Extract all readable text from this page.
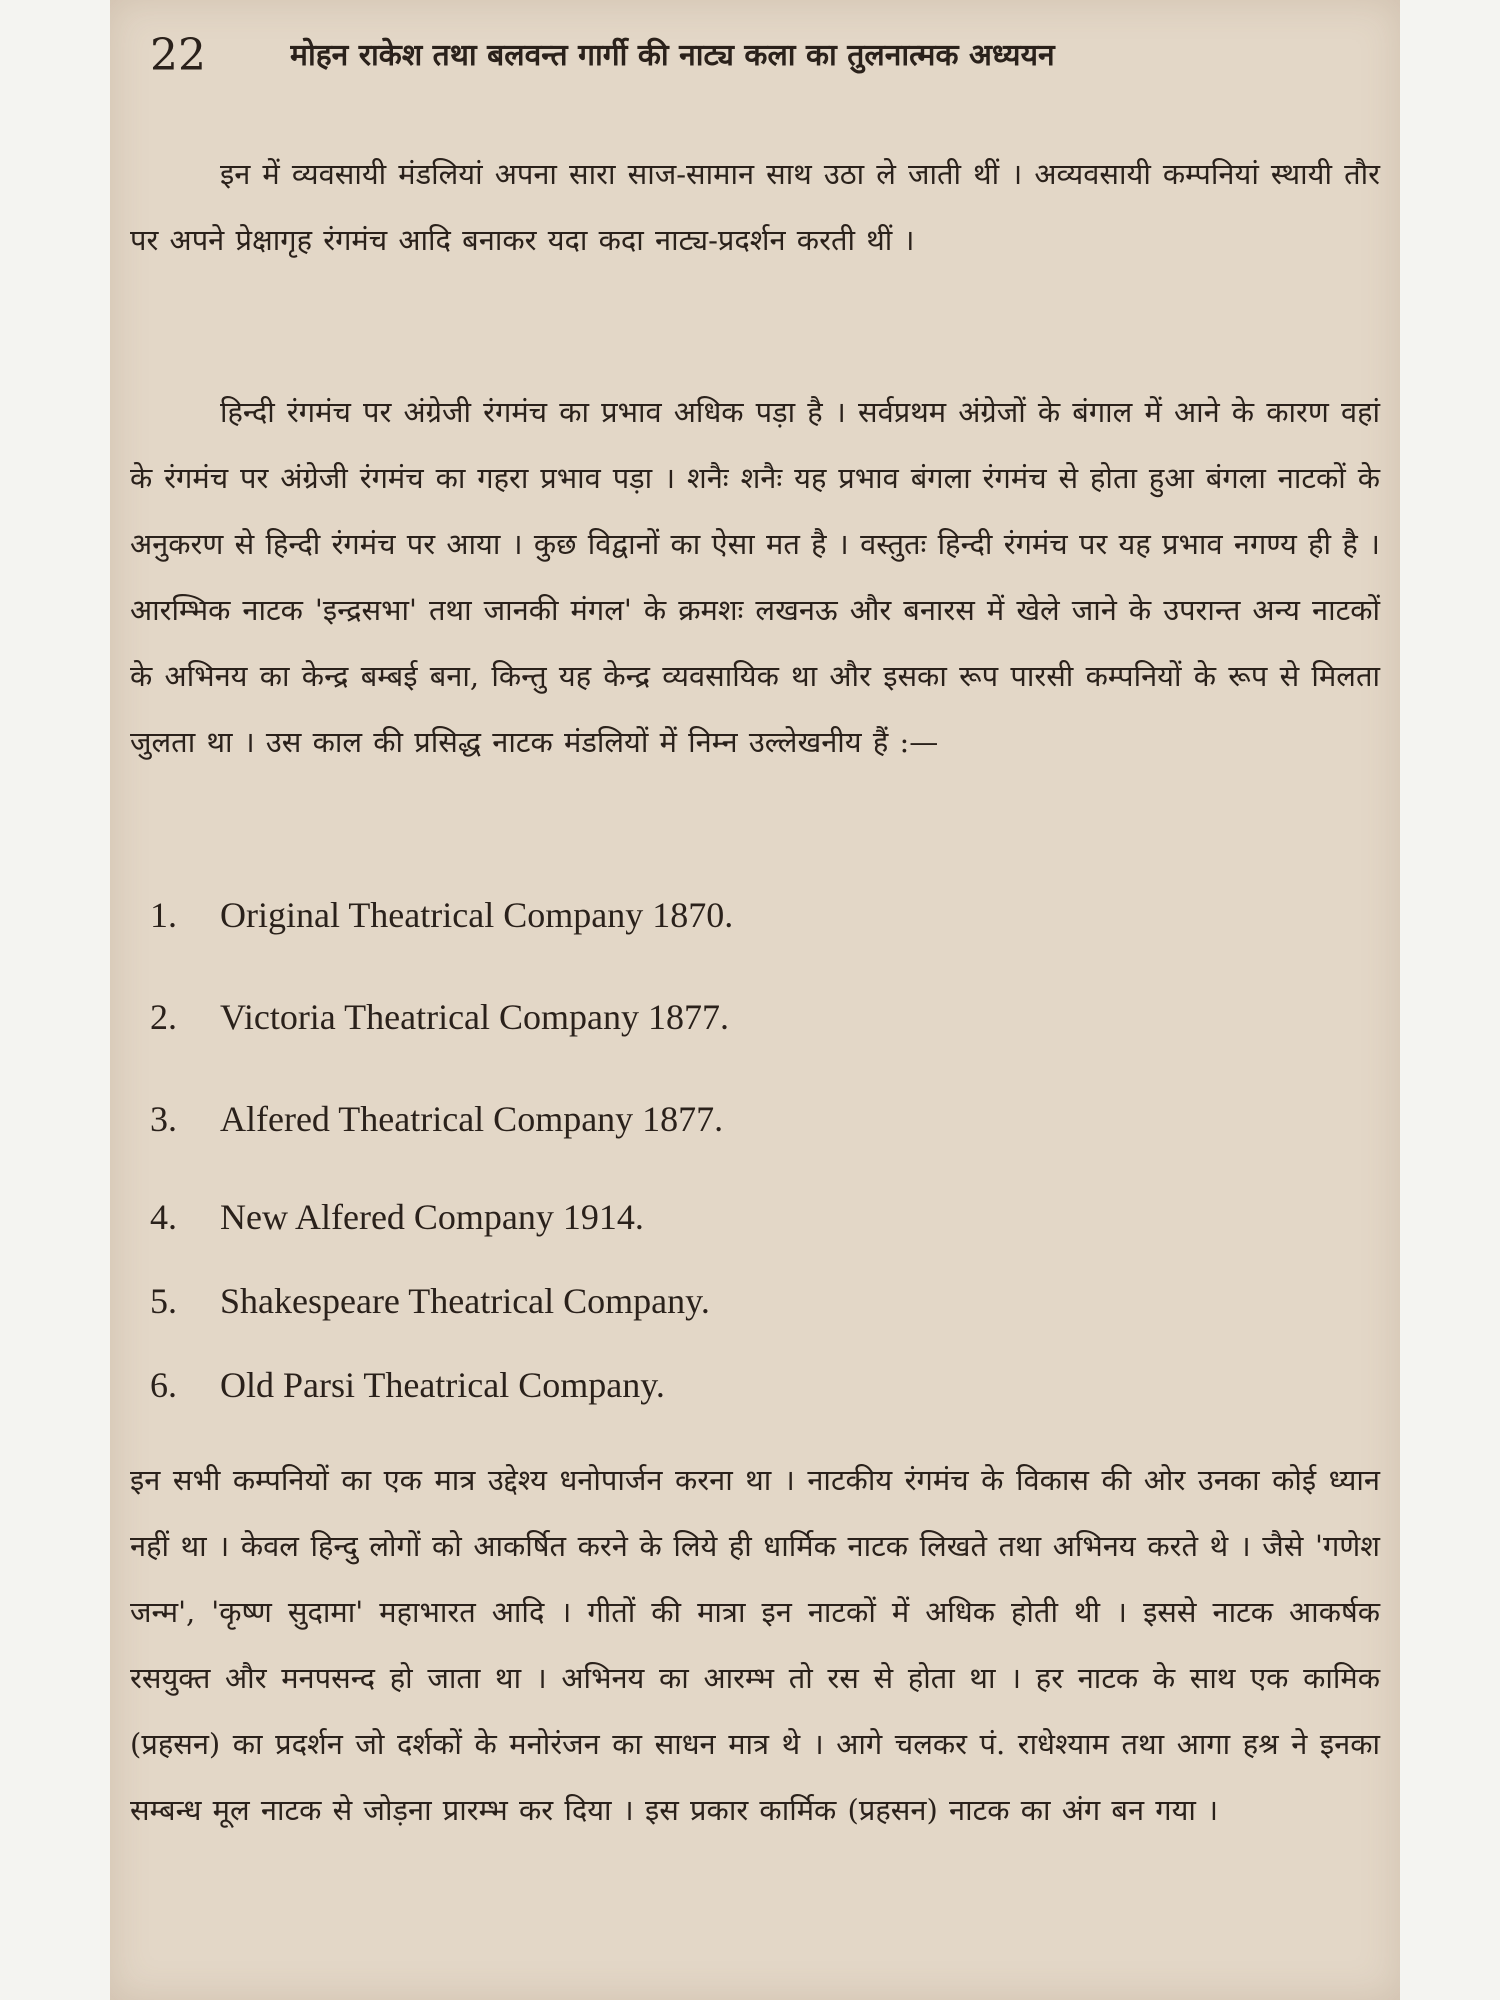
22	मोहन राकेश तथा बलवन्त गार्गी की नाट्य कला का तुलनात्मक अध्ययन

इन में व्यवसायी मंडलियां अपना सारा साज-सामान साथ उठा ले जाती थीं । अव्यवसायी कम्पनियां स्थायी तौर पर अपने प्रेक्षागृह रंगमंच आदि बनाकर यदा कदा नाट्य-प्रदर्शन करती थीं ।

हिन्दी रंगमंच पर अंग्रेजी रंगमंच का प्रभाव अधिक पड़ा है । सर्वप्रथम अंग्रेजों के बंगाल में आने के कारण वहां के रंगमंच पर अंग्रेजी रंगमंच का गहरा प्रभाव पड़ा । शनैः शनैः यह प्रभाव बंगला रंगमंच से होता हुआ बंगला नाटकों के अनुकरण से हिन्दी रंगमंच पर आया । कुछ विद्वानों का ऐसा मत है । वस्तुतः हिन्दी रंगमंच पर यह प्रभाव नगण्य ही है । आरम्भिक नाटक 'इन्द्रसभा' तथा जानकी मंगल' के क्रमशः लखनऊ और बनारस में खेले जाने के उपरान्त अन्य नाटकों के अभिनय का केन्द्र बम्बई बना, किन्तु यह केन्द्र व्यवसायिक था और इसका रूप पारसी कम्पनियों के रूप से मिलता जुलता था । उस काल की प्रसिद्ध नाटक मंडलियों में निम्न उल्लेखनीय हैं :—

1. Original Theatrical Company 1870.
2. Victoria Theatrical Company 1877.
3. Alfered Theatrical Company 1877.
4. New Alfered Company 1914.
5. Shakespeare Theatrical Company.
6. Old Parsi Theatrical Company.

इन सभी कम्पनियों का एक मात्र उद्देश्य धनोपार्जन करना था । नाटकीय रंगमंच के विकास की ओर उनका कोई ध्यान नहीं था । केवल हिन्दु लोगों को आकर्षित करने के लिये ही धार्मिक नाटक लिखते तथा अभिनय करते थे । जैसे 'गणेश जन्म', 'कृष्ण सुदामा' महाभारत आदि । गीतों की मात्रा इन नाटकों में अधिक होती थी । इससे नाटक आकर्षक रसयुक्त और मनपसन्द हो जाता था । अभिनय का आरम्भ तो रस से होता था । हर नाटक के साथ एक कामिक (प्रहसन) का प्रदर्शन जो दर्शकों के मनोरंजन का साधन मात्र थे । आगे चलकर पं. राधेश्याम तथा आगा हश्र ने इनका सम्बन्ध मूल नाटक से जोड़ना प्रारम्भ कर दिया । इस प्रकार कार्मिक (प्रहसन) नाटक का अंग बन गया ।
